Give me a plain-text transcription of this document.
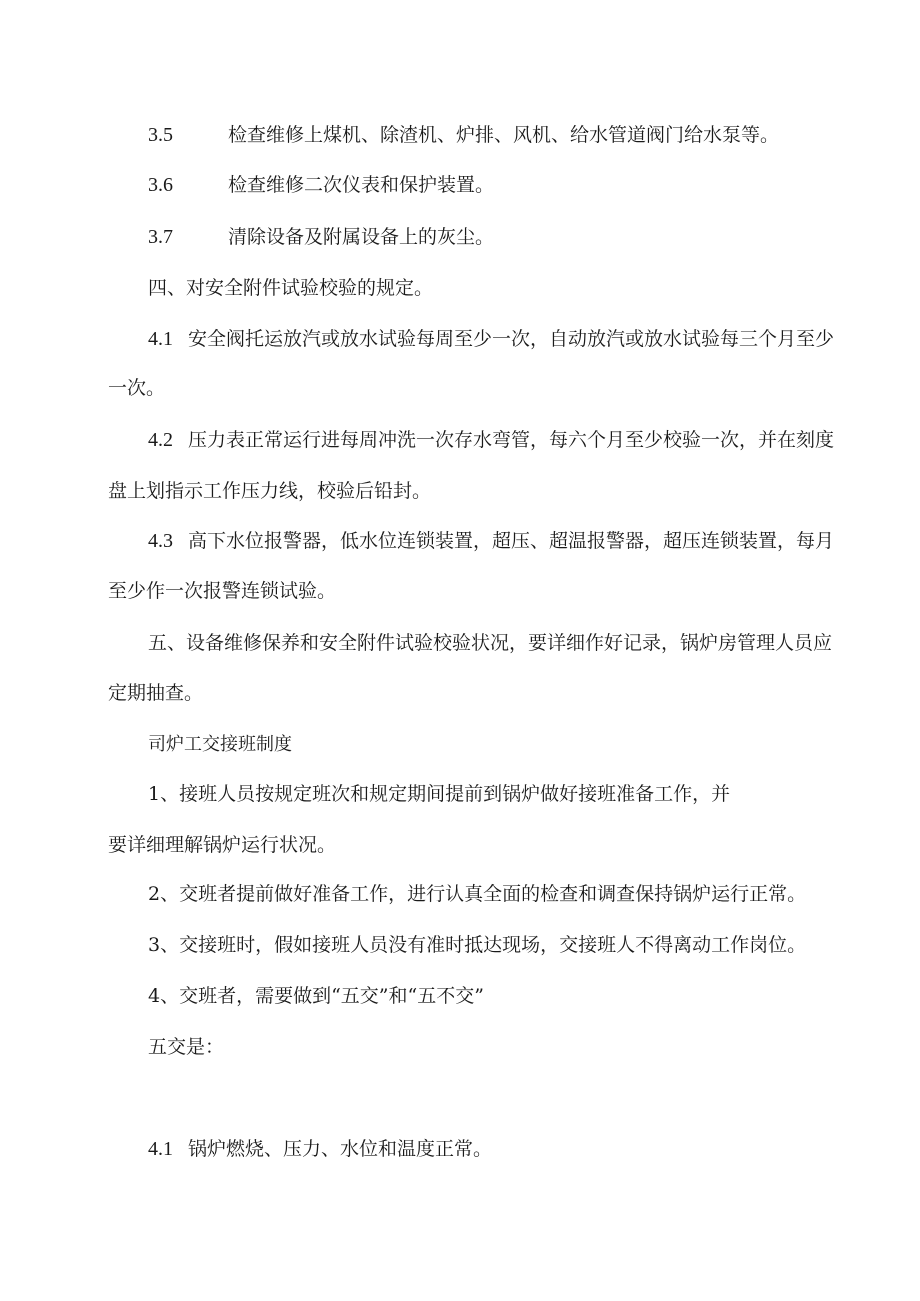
3.5	检查维修上煤机、除渣机、炉排、风机、给水管道阀门给水泵等。
3.6	检查维修二次仪表和保护装置。
3.7	清除设备及附属设备上的灰尘。
四、对安全附件试验校验的规定。
4.1 安全阀托运放汽或放水试验每周至少一次，自动放汽或放水试验每三个月至少
一次。
4.2 压力表正常运行进每周冲洗一次存水弯管，每六个月至少校验一次，并在刻度
盘上划指示工作压力线，校验后铅封。
4.3 高下水位报警器，低水位连锁装置，超压、超温报警器，超压连锁装置，每月
至少作一次报警连锁试验。
五、设备维修保养和安全附件试验校验状况，要详细作好记录，锅炉房管理人员应
定期抽查。
司炉工交接班制度
1、接班人员按规定班次和规定期间提前到锅炉做好接班准备工作，并
要详细理解锅炉运行状况。
2、交班者提前做好准备工作，进行认真全面的检查和调查保持锅炉运行正常。
3、交接班时，假如接班人员没有准时抵达现场，交接班人不得离动工作岗位。
4、交班者，需要做到“五交”和“五不交”
五交是：
4.1 锅炉燃烧、压力、水位和温度正常。
